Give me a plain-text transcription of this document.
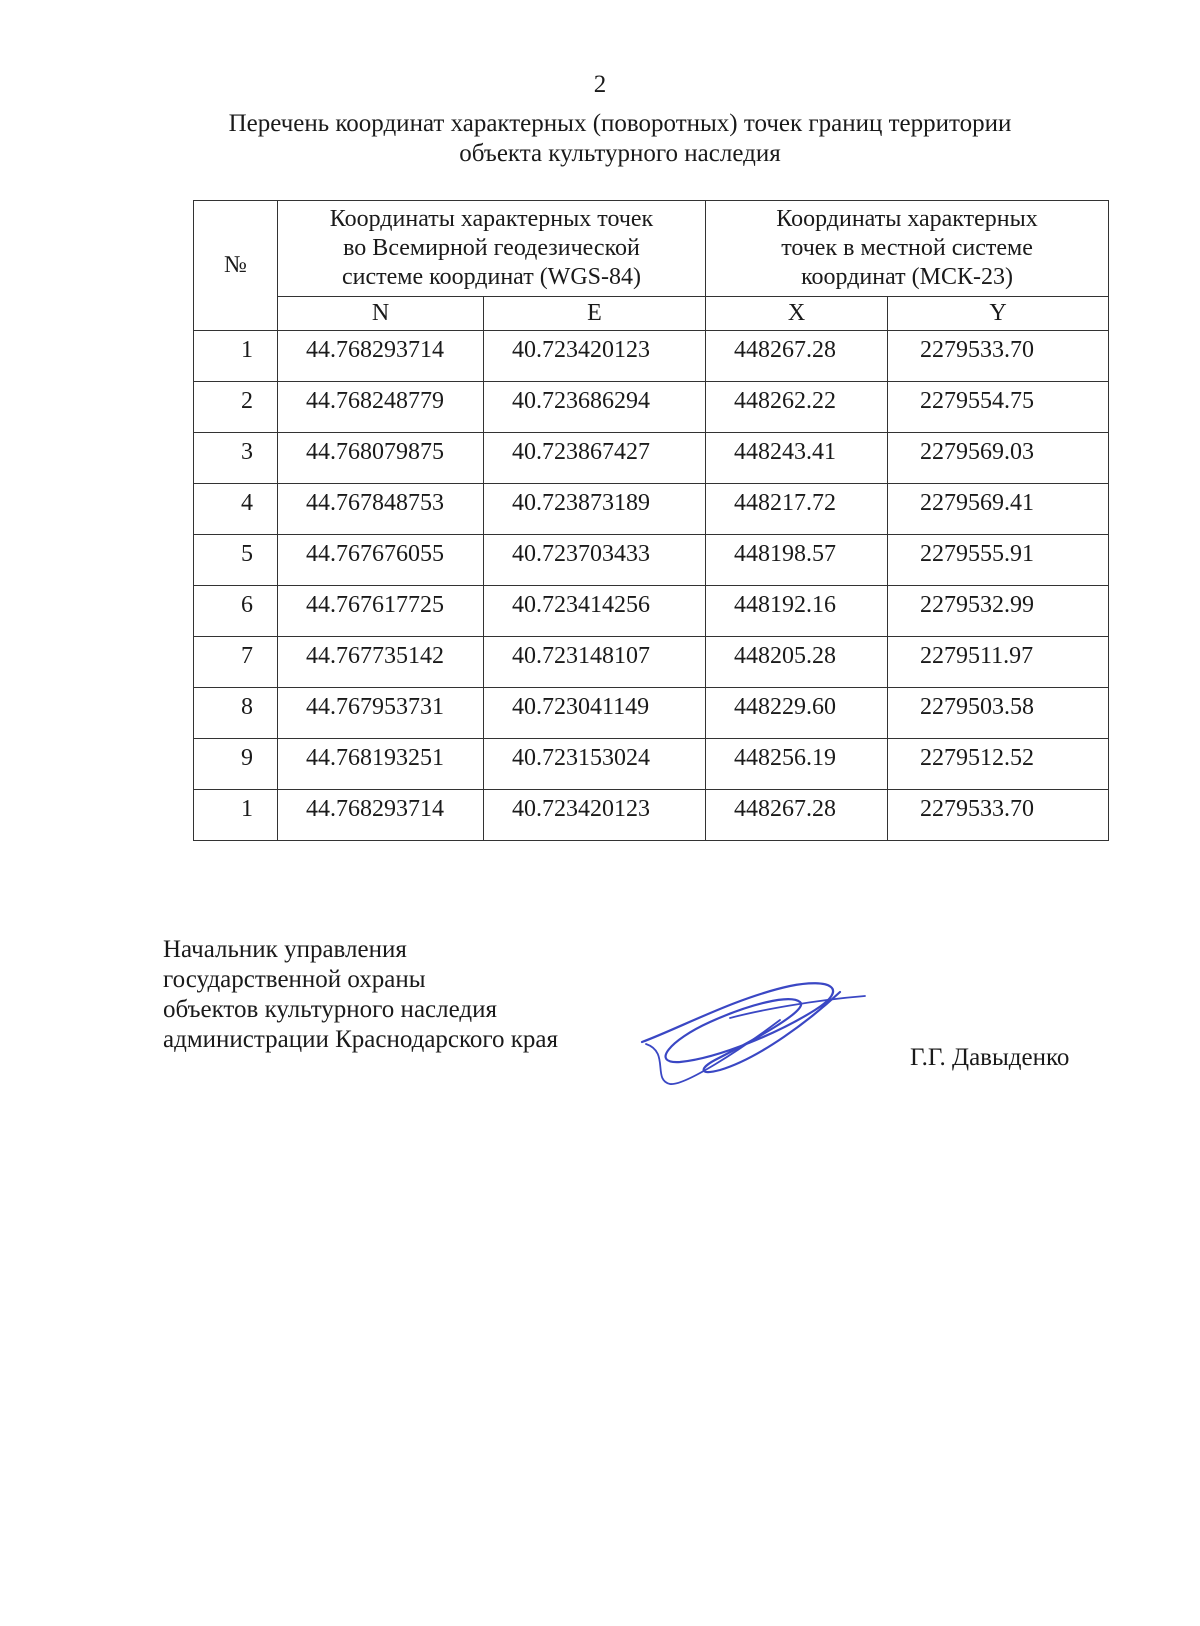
2
Перечень координат характерных (поворотных) точек границ территории
объекта культурного наследия
№	Координаты характерных точек
во Всемирной геодезической
системе координат (WGS-84)		Координаты характерных
точек в местной системе
координат (МСК-23)	

	N	E	X	Y
1	44.768293714	40.723420123	448267.28	2279533.70
2	44.768248779	40.723686294	448262.22	2279554.75
3	44.768079875	40.723867427	448243.41	2279569.03
4	44.767848753	40.723873189	448217.72	2279569.41
5	44.767676055	40.723703433	448198.57	2279555.91
6	44.767617725	40.723414256	448192.16	2279532.99
7	44.767735142	40.723148107	448205.28	2279511.97
8	44.767953731	40.723041149	448229.60	2279503.58
9	44.768193251	40.723153024	448256.19	2279512.52
1	44.768293714	40.723420123	448267.28	2279533.70
Начальник управления
государственной охраны
объектов культурного наследия
администрации Краснодарского края
Г.Г. Давыденко
